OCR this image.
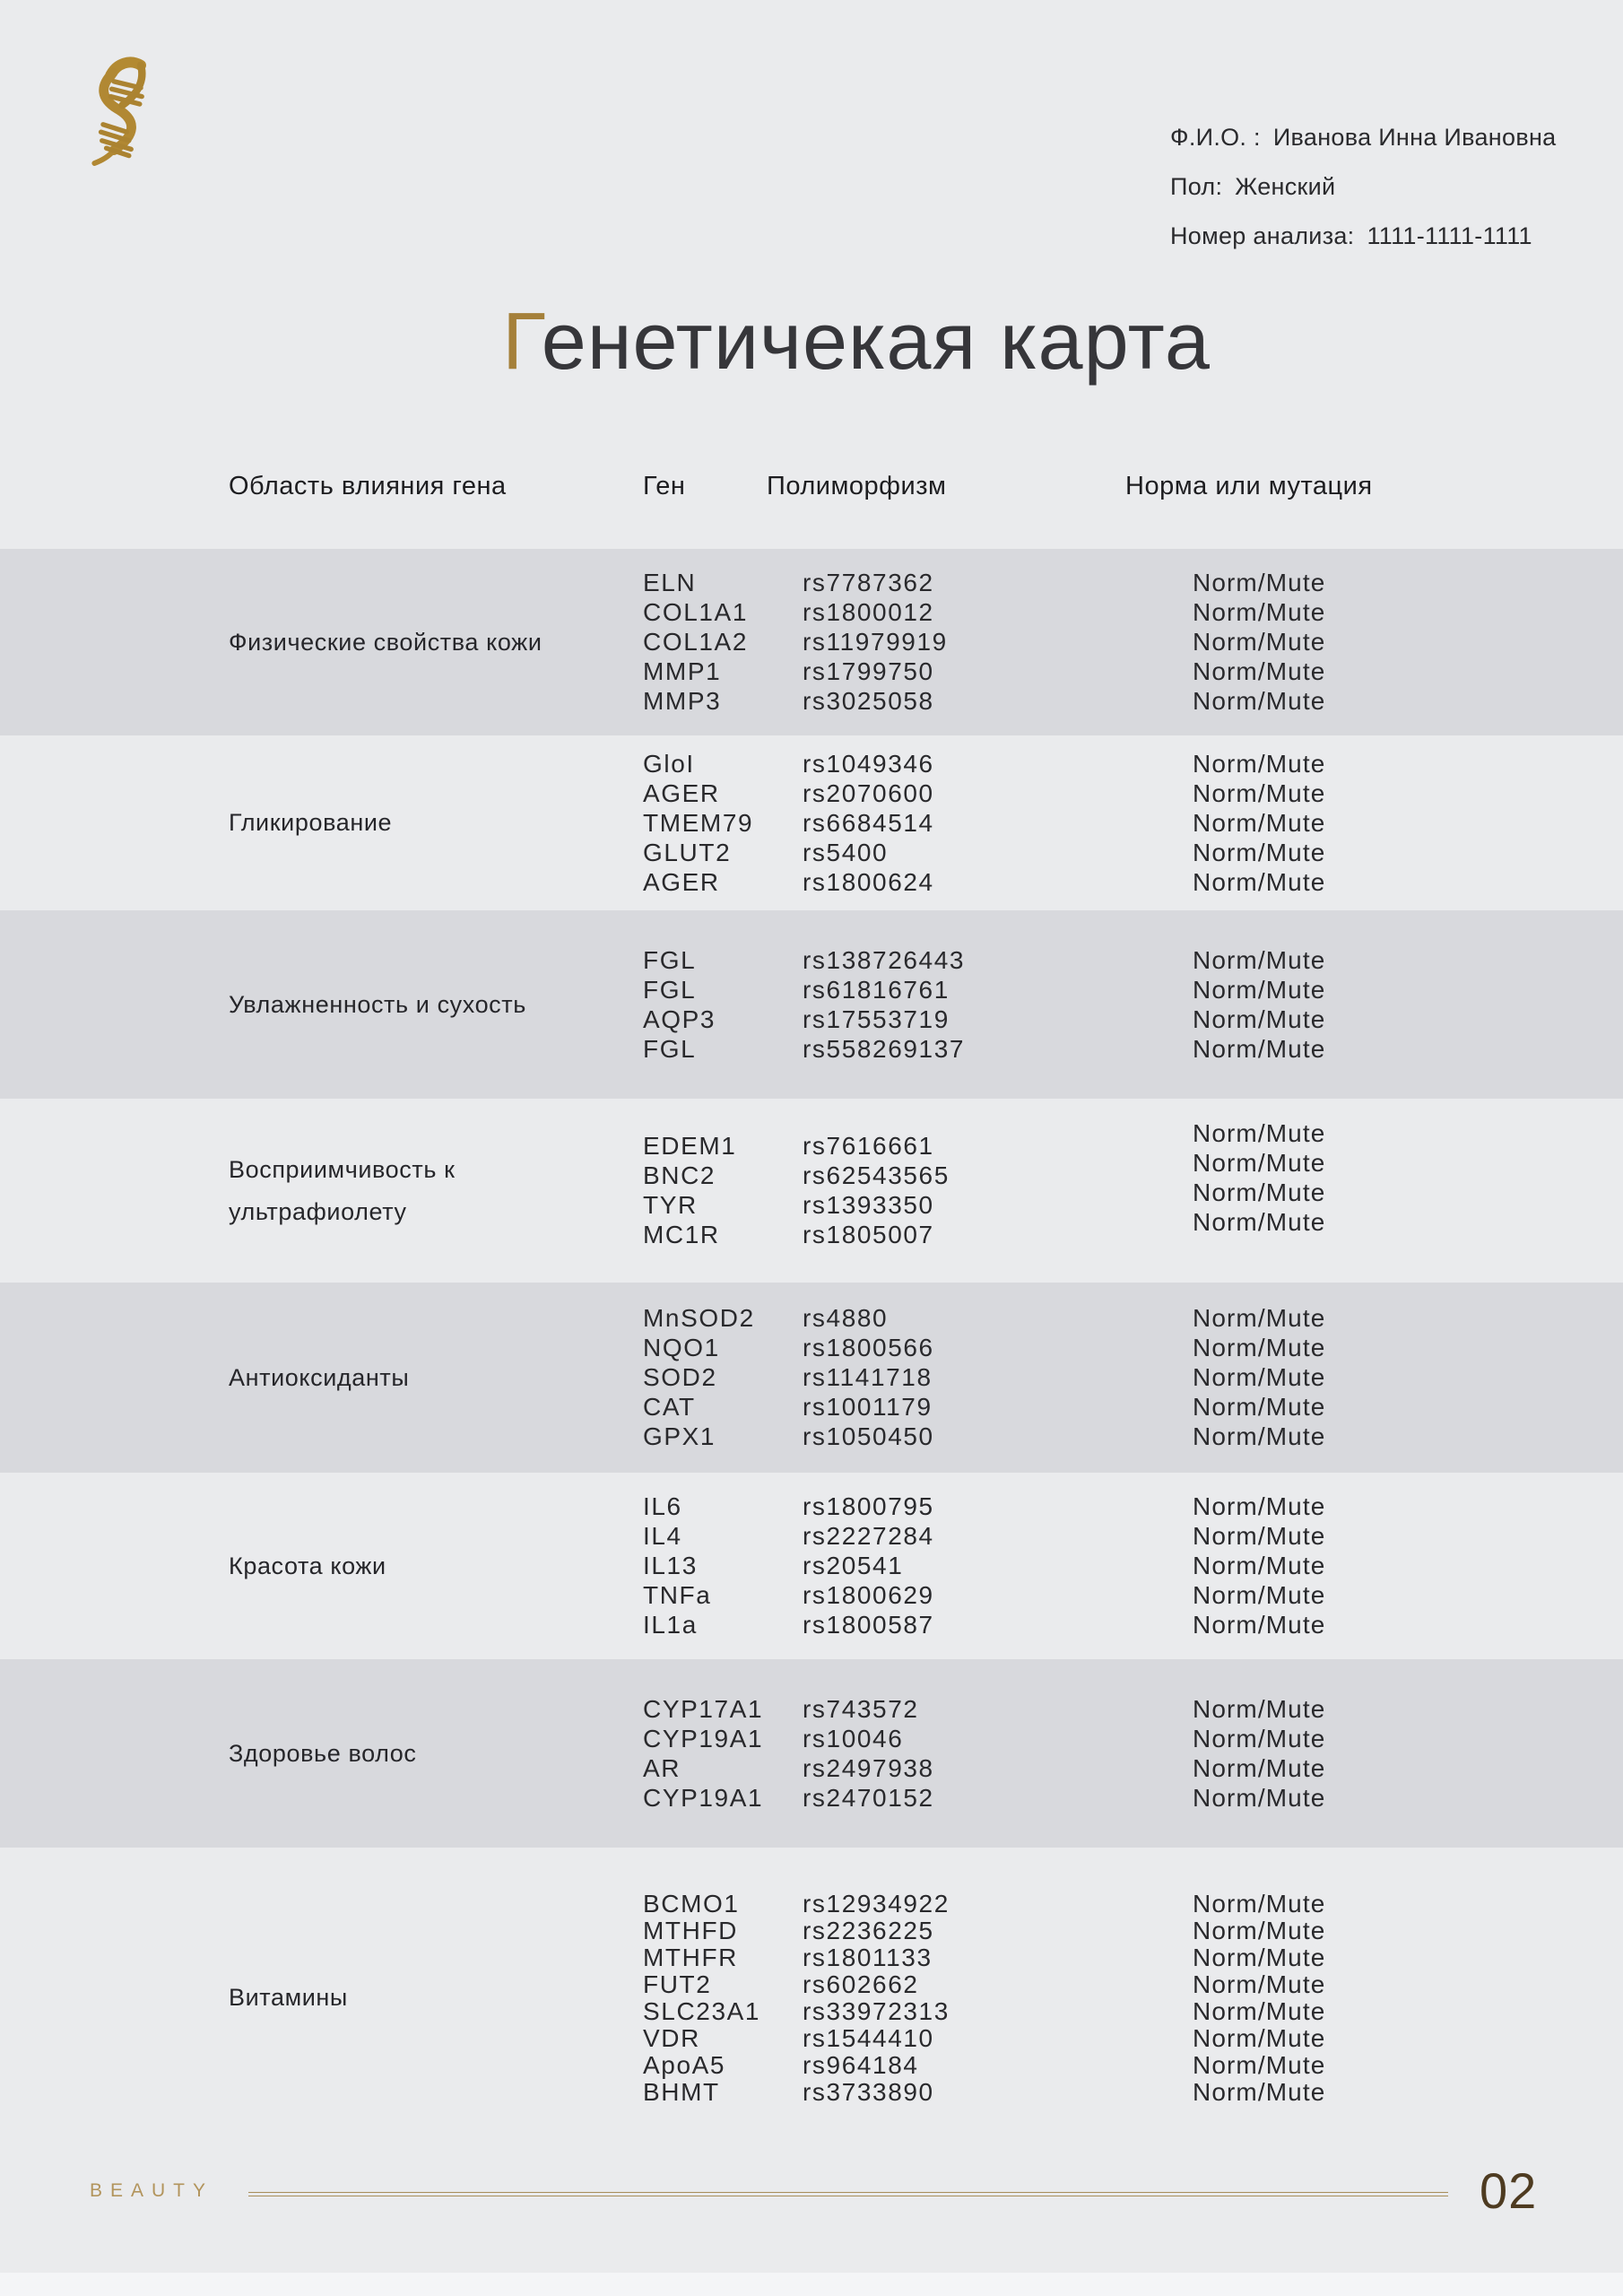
Ф.И.О. : Иванова Инна Ивановна
Пол: Женский
Номер анализа: 1111-1111-1111
Генетичекая карта
Область влияния гена	Ген	Полиморфизм	Норма или мутация
Физические свойства кожи
ELN	rs7787362	Norm/Mute
COL1A1 rs1800012	Norm/Mute
COL1A2 rs11979919	Norm/Mute
MMP1	rs1799750	Norm/Mute
MMP3	rs3025058	Norm/Mute
Гликирование
GloI	rs1049346	Norm/Mute
AGER	rs2070600	Norm/Mute
TMEM79 rs6684514	Norm/Mute
GLUT2	rs5400	Norm/Mute
AGER	rs1800624	Norm/Mute
Увлажненность и сухость
FGL	rs138726443	Norm/Mute
FGL	rs61816761	Norm/Mute
AQP3	rs17553719	Norm/Mute
FGL	rs558269137	Norm/Mute
Восприимчивость к ультрафиолету
EDEM1	rs7616661	Norm/Mute
BNC2	rs62543565	Norm/Mute
TYR	rs1393350	Norm/Mute
MC1R	rs1805007	Norm/Mute
Антиоксиданты
MnSOD2 rs4880	Norm/Mute
NQO1	rs1800566	Norm/Mute
SOD2	rs1141718	Norm/Mute
CAT	rs1001179	Norm/Mute
GPX1	rs1050450	Norm/Mute
Красота кожи
IL6	rs1800795	Norm/Mute
IL4	rs2227284	Norm/Mute
IL13	rs20541	Norm/Mute
TNFa	rs1800629	Norm/Mute
IL1a	rs1800587	Norm/Mute
Здоровье волос
CYP17A1 rs743572	Norm/Mute
CYP19A1 rs10046	Norm/Mute
AR	rs2497938	Norm/Mute
CYP19A1 rs2470152	Norm/Mute
Витамины
BCMO1	rs12934922	Norm/Mute
MTHFD	rs2236225	Norm/Mute
MTHFR	rs1801133	Norm/Mute
FUT2	rs602662	Norm/Mute
SLC23A1 rs33972313	Norm/Mute
VDR	rs1544410	Norm/Mute
ApoA5	rs964184	Norm/Mute
BHMT	rs3733890	Norm/Mute
BEAUTY	02
